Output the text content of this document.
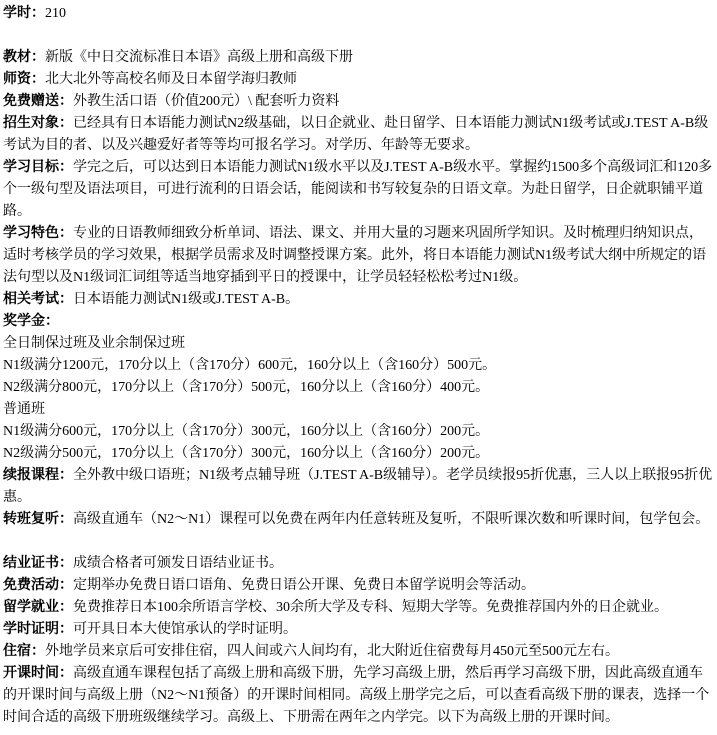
学时：210

教材：新版《中日交流标准日本语》高级上册和高级下册

师资：北大北外等高校名师及日本留学海归教师

免费赠送：外教生活口语（价值200元）\ 配套听力资料

招生对象：已经具有日本语能力测试N2级基础，以日企就业、赴日留学、日本语能力测试N1级考试或J.TEST A-B级考试为目的者、以及兴趣爱好者等等均可报名学习。对学历、年龄等无要求。

学习目标：学完之后，可以达到日本语能力测试N1级水平以及J.TEST A-B级水平。掌握约1500多个高级词汇和120多个一级句型及语法项目，可进行流利的日语会话，能阅读和书写较复杂的日语文章。为赴日留学，日企就职铺平道路。

学习特色：专业的日语教师细致分析单词、语法、课文、并用大量的习题来巩固所学知识。及时梳理归纳知识点，适时考核学员的学习效果，根据学员需求及时调整授课方案。此外，将日本语能力测试N1级考试大纲中所规定的语法句型以及N1级词汇词组等适当地穿插到平日的授课中，让学员轻轻松松考过N1级。

相关考试：日本语能力测试N1级或J.TEST A-B。

奖学金：

全日制保过班及业余制保过班

N1级满分1200元，170分以上（含170分）600元，160分以上（含160分）500元。

N2级满分800元，170分以上（含170分）500元，160分以上（含160分）400元。

普通班

N1级满分600元，170分以上（含170分）300元，160分以上（含160分）200元。

N2级满分500元，170分以上（含170分）300元，160分以上（含160分）200元。

续报课程：全外教中级口语班；N1级考点辅导班（J.TEST A-B级辅导）。老学员续报95折优惠，三人以上联报95折优惠。

转班复听：高级直通车（N2～N1）课程可以免费在两年内任意转班及复听，不限听课次数和听课时间，包学包会。

结业证书：成绩合格者可颁发日语结业证书。

免费活动：定期举办免费日语口语角、免费日语公开课、免费日本留学说明会等活动。

留学就业：免费推荐日本100余所语言学校、30余所大学及专科、短期大学等。免费推荐国内外的日企就业。

学时证明：可开具日本大使馆承认的学时证明。

住宿：外地学员来京后可安排住宿，四人间或六人间均有，北大附近住宿费每月450元至500元左右。

开课时间：高级直通车课程包括了高级上册和高级下册，先学习高级上册，然后再学习高级下册，因此高级直通车的开课时间与高级上册（N2～N1预备）的开课时间相同。高级上册学完之后，可以查看高级下册的课表，选择一个时间合适的高级下册班级继续学习。高级上、下册需在两年之内学完。以下为高级上册的开课时间。
